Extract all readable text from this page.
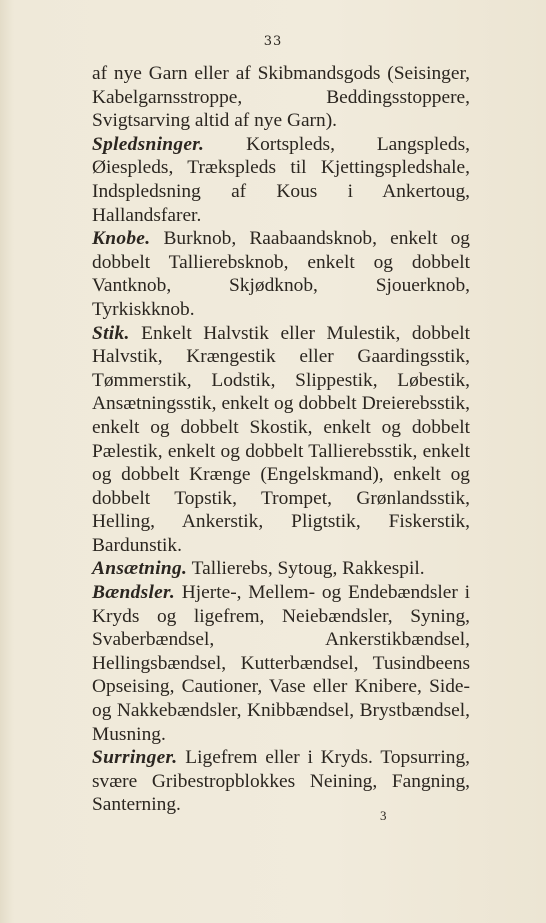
33

af nye Garn eller af Skibmandsgods (Seisinger, Kabelgarnsstroppe, Beddingsstoppere, Svigtsarving altid af nye Garn).

Spledsninger. Kortspleds, Langspleds, Øiespleds, Trækspleds til Kjettingspledshale, Indspledsning af Kous i Ankertoug, Hallandsfarer.

Knobe. Burknob, Raabaandsknob, enkelt og dobbelt Tallierebsknob, enkelt og dobbelt Vantknob, Skjødknob, Sjouerknob, Tyrkiskknob.

Stik. Enkelt Halvstik eller Mulestik, dobbelt Halvstik, Krængestik eller Gaardingsstik, Tømmerstik, Lodstik, Slippestik, Løbestik, Ansætningsstik, enkelt og dobbelt Dreierebsstik, enkelt og dobbelt Skostik, enkelt og dobbelt Pælestik, enkelt og dobbelt Tallierebsstik, enkelt og dobbelt Krænge (Engelskmand), enkelt og dobbelt Topstik, Trompet, Grønlandsstik, Helling, Ankerstik, Pligtstik, Fiskerstik, Bardunstik.

Ansætning. Tallierebs, Sytoug, Rakkespil.

Bændsler. Hjerte-, Mellem- og Endebændsler i Kryds og ligefrem, Neiebændsler, Syning, Svaberbændsel, Ankerstikbændsel, Hellingsbændsel, Kutterbændsel, Tusindbeens Opseising, Cautioner, Vase eller Knibere, Side- og Nakkebændsler, Knibbændsel, Brystbændsel, Musning.

Surringer. Ligefrem eller i Kryds. Topsurring, svære Gribestropblokkes Neining, Fangning, Santerning.

3
